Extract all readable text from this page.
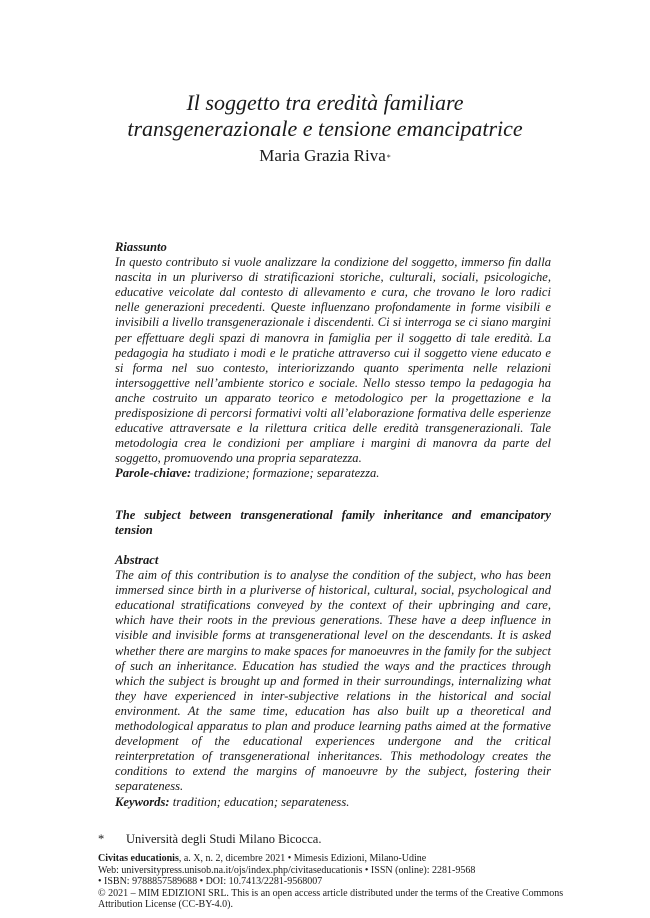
Il soggetto tra eredità familiare
transgenerazionale e tensione emancipatrice
Maria Grazia Riva*
Riassunto
In questo contributo si vuole analizzare la condizione del soggetto, immerso fin dalla nascita in un pluriverso di stratificazioni storiche, culturali, sociali, psicologiche, educative veicolate dal contesto di allevamento e cura, che trovano le loro radici nelle generazioni precedenti. Queste influenzano profondamente in forme visibili e invisibili a livello transgenerazionale i discendenti. Ci si interroga se ci siano margini per effettuare degli spazi di manovra in famiglia per il soggetto di tale eredità. La pedagogia ha studiato i modi e le pratiche attraverso cui il soggetto viene educato e si forma nel suo contesto, interiorizzando quanto sperimenta nelle relazioni intersoggettive nell’ambiente storico e sociale. Nello stesso tempo la pedagogia ha anche costruito un apparato teorico e metodologico per la progettazione e la predisposizione di percorsi formativi volti all’elaborazione formativa delle esperienze educative attraversate e la rilettura critica delle eredità transgenerazionali. Tale metodologia crea le condizioni per ampliare i margini di manovra da parte del soggetto, promuovendo una propria separatezza.
Parole-chiave: tradizione; formazione; separatezza.
The subject between transgenerational family inheritance and emancipatory tension
Abstract
The aim of this contribution is to analyse the condition of the subject, who has been immersed since birth in a pluriverse of historical, cultural, social, psychological and educational stratifications conveyed by the context of their upbringing and care, which have their roots in the previous generations. These have a deep influence in visible and invisible forms at transgenerational level on the descendants. It is asked whether there are margins to make spaces for manoeuvres in the family for the subject of such an inheritance. Education has studied the ways and the practices through which the subject is brought up and formed in their surroundings, internalizing what they have experienced in inter-subjective relations in the historical and social environment. At the same time, education has also built up a theoretical and methodological apparatus to plan and produce learning paths aimed at the formative development of the educational experiences undergone and the critical reinterpretation of transgenerational inheritances. This methodology creates the conditions to extend the margins of manoeuvre by the subject, fostering their separateness.
Keywords: tradition; education; separateness.
* Università degli Studi Milano Bicocca.
Civitas educationis, a. X, n. 2, dicembre 2021 • Mimesis Edizioni, Milano-Udine
Web: universitypress.unisob.na.it/ojs/index.php/civitaseducationis • ISSN (online): 2281-9568
• ISBN: 9788857589688 • DOI: 10.7413/2281-9568007
© 2021 – MIM EDIZIONI SRL. This is an open access article distributed under the terms of the Creative Commons Attribution License (CC-BY-4.0).
